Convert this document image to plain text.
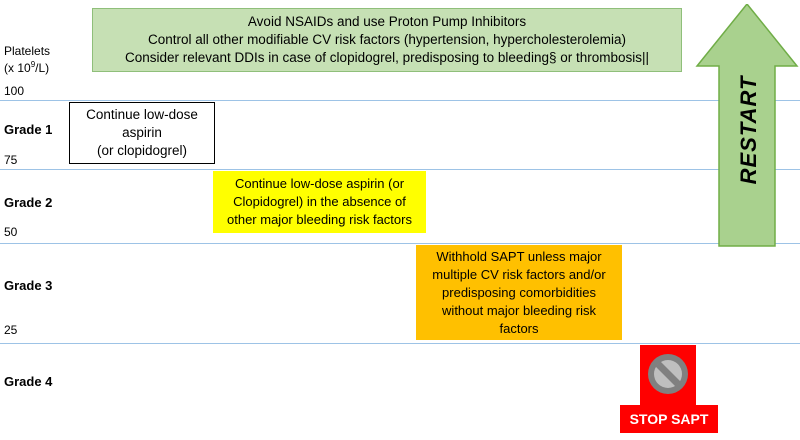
Avoid NSAIDs and use Proton Pump Inhibitors
Control all other modifiable CV risk factors (hypertension, hypercholesterolemia)
Consider relevant DDIs in case of clopidogrel, predisposing to bleeding§ or thrombosis||
Platelets
(x $10^9/L$)
100
75
50
25
Grade 1
Grade 2
Grade 3
Grade 4
Continue low-dose
aspirin
(or clopidogrel)
Continue low-dose aspirin (or
Clopidogrel) in the absence of
other major bleeding risk factors
Withhold SAPT unless major
multiple CV risk factors and/or
predisposing comorbidities
without major bleeding risk
factors
STOP SAPT
RESTART
